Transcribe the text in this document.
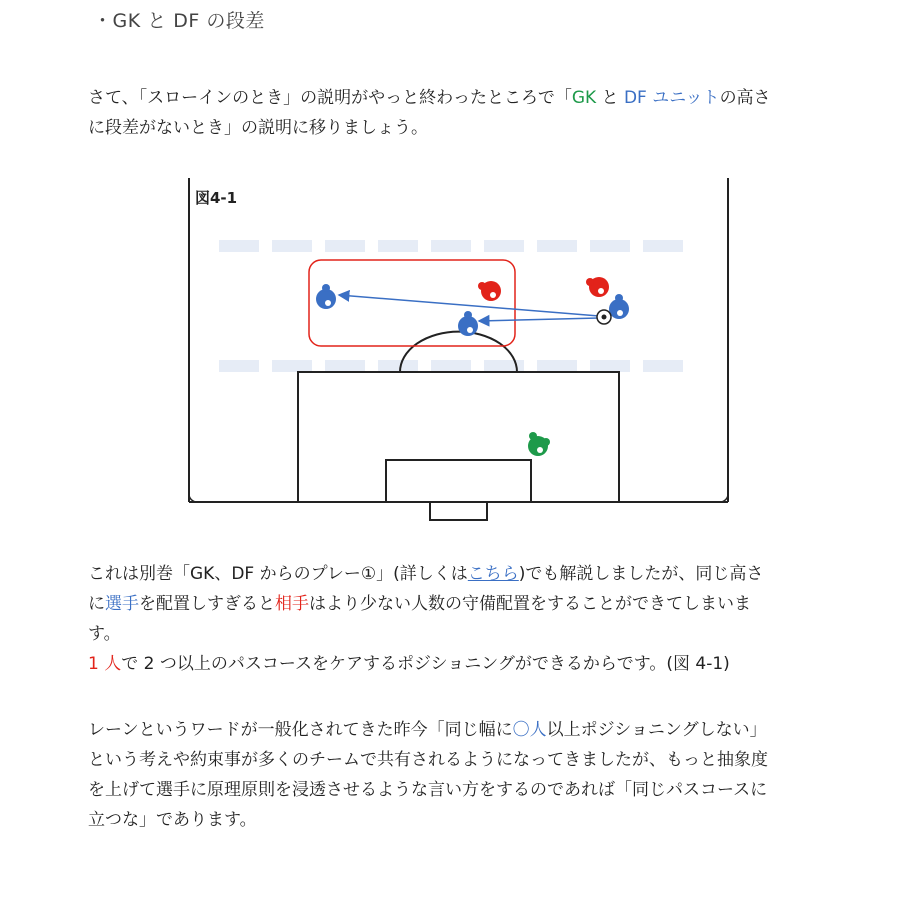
・GK と DF の段差
さて、「スローインのとき」の説明がやっと終わったところで「GK と DF ユニットの高さ
に段差がないとき」の説明に移りましょう。
図4-1
これは別巻「GK、DF からのプレー①」(詳しくはこちら)でも解説しましたが、同じ高さ
に選手を配置しすぎると相手はより少ない人数の守備配置をすることができてしまいま
す。
1 人で 2 つ以上のパスコースをケアするポジショニングができるからです。(図 4-1)
レーンというワードが一般化されてきた昨今「同じ幅に〇人以上ポジショニングしない」
という考えや約束事が多くのチームで共有されるようになってきましたが、もっと抽象度
を上げて選手に原理原則を浸透させるような言い方をするのであれば「同じパスコースに
立つな」であります。
